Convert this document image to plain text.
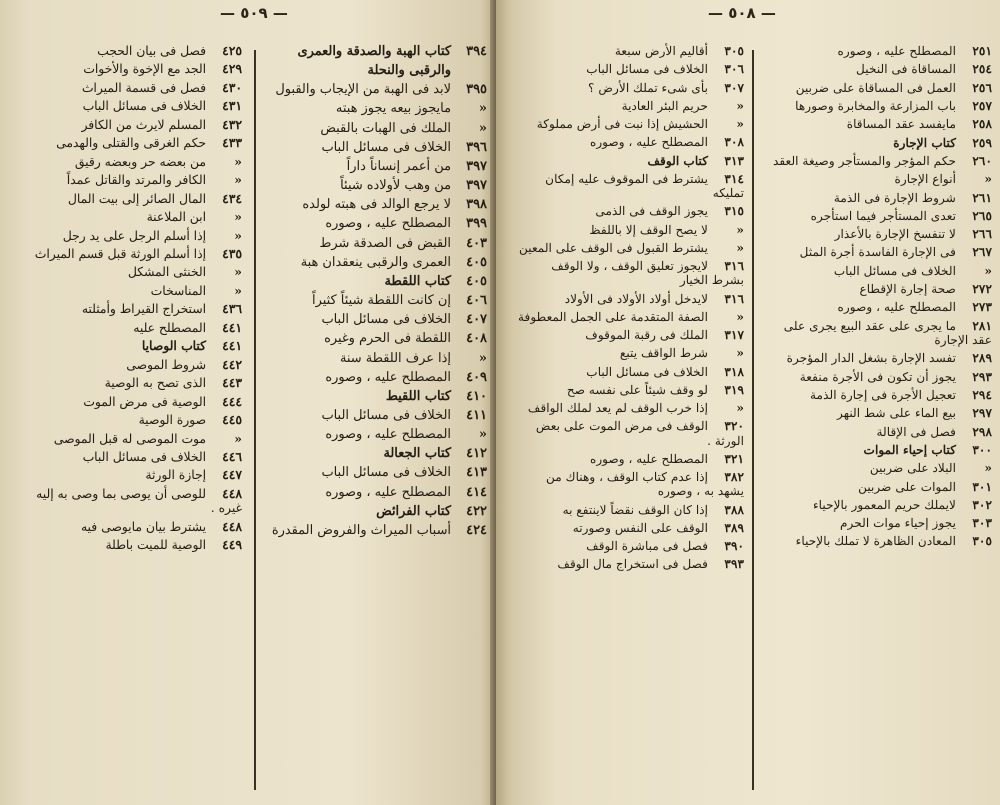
— ٥٠٩ —
٣٩٤كتاب الهبة والصدقة والعمرى
والرقبى والنحلة
٣٩٥لابد فى الهبة من الإيجاب والقبول
«مايجوز بيعه يجوز هبته
«الملك فى الهبات بالقبض
٣٩٦الخلاف فى مسائل الباب
٣٩٧من أعمر إنساناً داراً
٣٩٧من وهب لأولاده شيئاً
٣٩٨لا يرجع الوالد فى هبته لولده
٣٩٩المصطلح عليه ، وصوره
٤٠٣القبض فى الصدقة شرط
٤٠٥العمرى والرقبى ينعقدان هبة
٤٠٥كتاب اللقطة
٤٠٦إن كانت اللقطة شيئاً كثيراً
٤٠٧الخلاف فى مسائل الباب
٤٠٨اللقطة فى الحرم وغيره
«إذا عرف اللقطة سنة
٤٠٩المصطلح عليه ، وصوره
٤١٠كتاب اللقيط
٤١١الخلاف فى مسائل الباب
«المصطلح عليه ، وصوره
٤١٢كتاب الجعالة
٤١٣الخلاف فى مسائل الباب
٤١٤المصطلح عليه ، وصوره
٤٢٢كتاب الفرائض
٤٢٤أسباب الميراث والفروض المقدرة
٤٢٥فصل فى بيان الحجب
٤٢٩الجد مع الإخوة والأخوات
٤٣٠فصل فى قسمة الميراث
٤٣١الخلاف فى مسائل الباب
٤٣٢المسلم لايرث من الكافر
٤٣٣حكم الغرقى والقتلى والهدمى
«من بعضه حر وبعضه رقيق
«الكافر والمرتد والقاتل عمداً
٤٣٤المال الصائر إلى بيت المال
«ابن الملاعنة
«إذا أسلم الرجل على يد رجل
٤٣٥إذا أسلم الورثة قبل قسم الميراث
«الخنثى المشكل
«المناسخات
٤٣٦استخراج القيراط وأمثلته
٤٤١المصطلح عليه
٤٤١كتاب الوصايا
٤٤٢شروط الموصى
٤٤٣الذى تصح به الوصية
٤٤٤الوصية فى مرض الموت
٤٤٥صورة الوصية
«موت الموصى له قبل الموصى
٤٤٦الخلاف فى مسائل الباب
٤٤٧إجازة الورثة
٤٤٨للوصى أن يوصى بما وصى به إليه غيره .
٤٤٨يشترط بيان مايوصى فيه
٤٤٩الوصية للميت باطلة
— ٥٠٨ —
٣٠٥أقاليم الأرض سبعة
٣٠٦الخلاف فى مسائل الباب
٣٠٧بأى شىء تملك الأرض ؟
«حريم البئر العادية
«الحشيش إذا نبت فى أرض مملوكة
٣٠٨المصطلح عليه ، وصوره
٣١٣كتاب الوقف
٣١٤يشترط فى الموقوف عليه إمكان تمليكه
٣١٥يجوز الوقف فى الذمى
«لا يصح الوقف إلا باللفظ
«يشترط القبول فى الوقف على المعين
٣١٦لايجوز تعليق الوقف ، ولا الوقف بشرط الخيار
٣١٦لايدخل أولاد الأولاد فى الأولاد
«الصفة المتقدمة على الجمل المعطوفة
٣١٧الملك فى رقبة الموقوف
«شرط الواقف يتبع
٣١٨الخلاف فى مسائل الباب
٣١٩لو وقف شيئاً على نفسه صح
«إذا خرب الوقف لم يعد لملك الواقف
٣٢٠الوقف فى مرض الموت على بعض الورثة .
٣٢١المصطلح عليه ، وصوره
٣٨٢إذا عدم كتاب الوقف ، وهناك من يشهد به ، وصوره
٣٨٨إذا كان الوقف نقضاً لاينتفع به
٣٨٩الوقف على النفس وصورته
٣٩٠فصل فى مباشرة الوقف
٣٩٣فصل فى استخراج مال الوقف
٢٥١المصطلح عليه ، وصوره
٢٥٤المساقاة فى النخيل
٢٥٦العمل فى المساقاة على ضربين
٢٥٧باب المزارعة والمخابرة وصورها
٢٥٨مايفسد عقد المساقاة
٢٥٩كتاب الإجارة
٢٦٠حكم المؤجر والمستأجر وصيغة العقد
«أنواع الإجارة
٢٦١شروط الإجارة فى الذمة
٢٦٥تعدى المستأجر فيما استأجره
٢٦٦لا تنفسخ الإجارة بالأعذار
٢٦٧فى الإجارة الفاسدة أجرة المثل
«الخلاف فى مسائل الباب
٢٧٢صحة إجارة الإقطاع
٢٧٣المصطلح عليه ، وصوره
٢٨١ما يجرى على عقد البيع يجرى على عقد الإجارة
٢٨٩تفسد الإجارة بشغل الدار المؤجرة
٢٩٣يجوز أن تكون فى الأجرة منفعة
٢٩٤تعجيل الأجرة فى إجارة الذمة
٢٩٧بيع الماء على شط النهر
٢٩٨فصل فى الإقالة
٣٠٠كتاب إحياء الموات
«البلاد على ضربين
٣٠١الموات على ضربين
٣٠٢لايملك حريم المعمور بالإحياء
٣٠٣يجوز إحياء موات الحرم
٣٠٥المعادن الظاهرة لا تملك بالإحياء
